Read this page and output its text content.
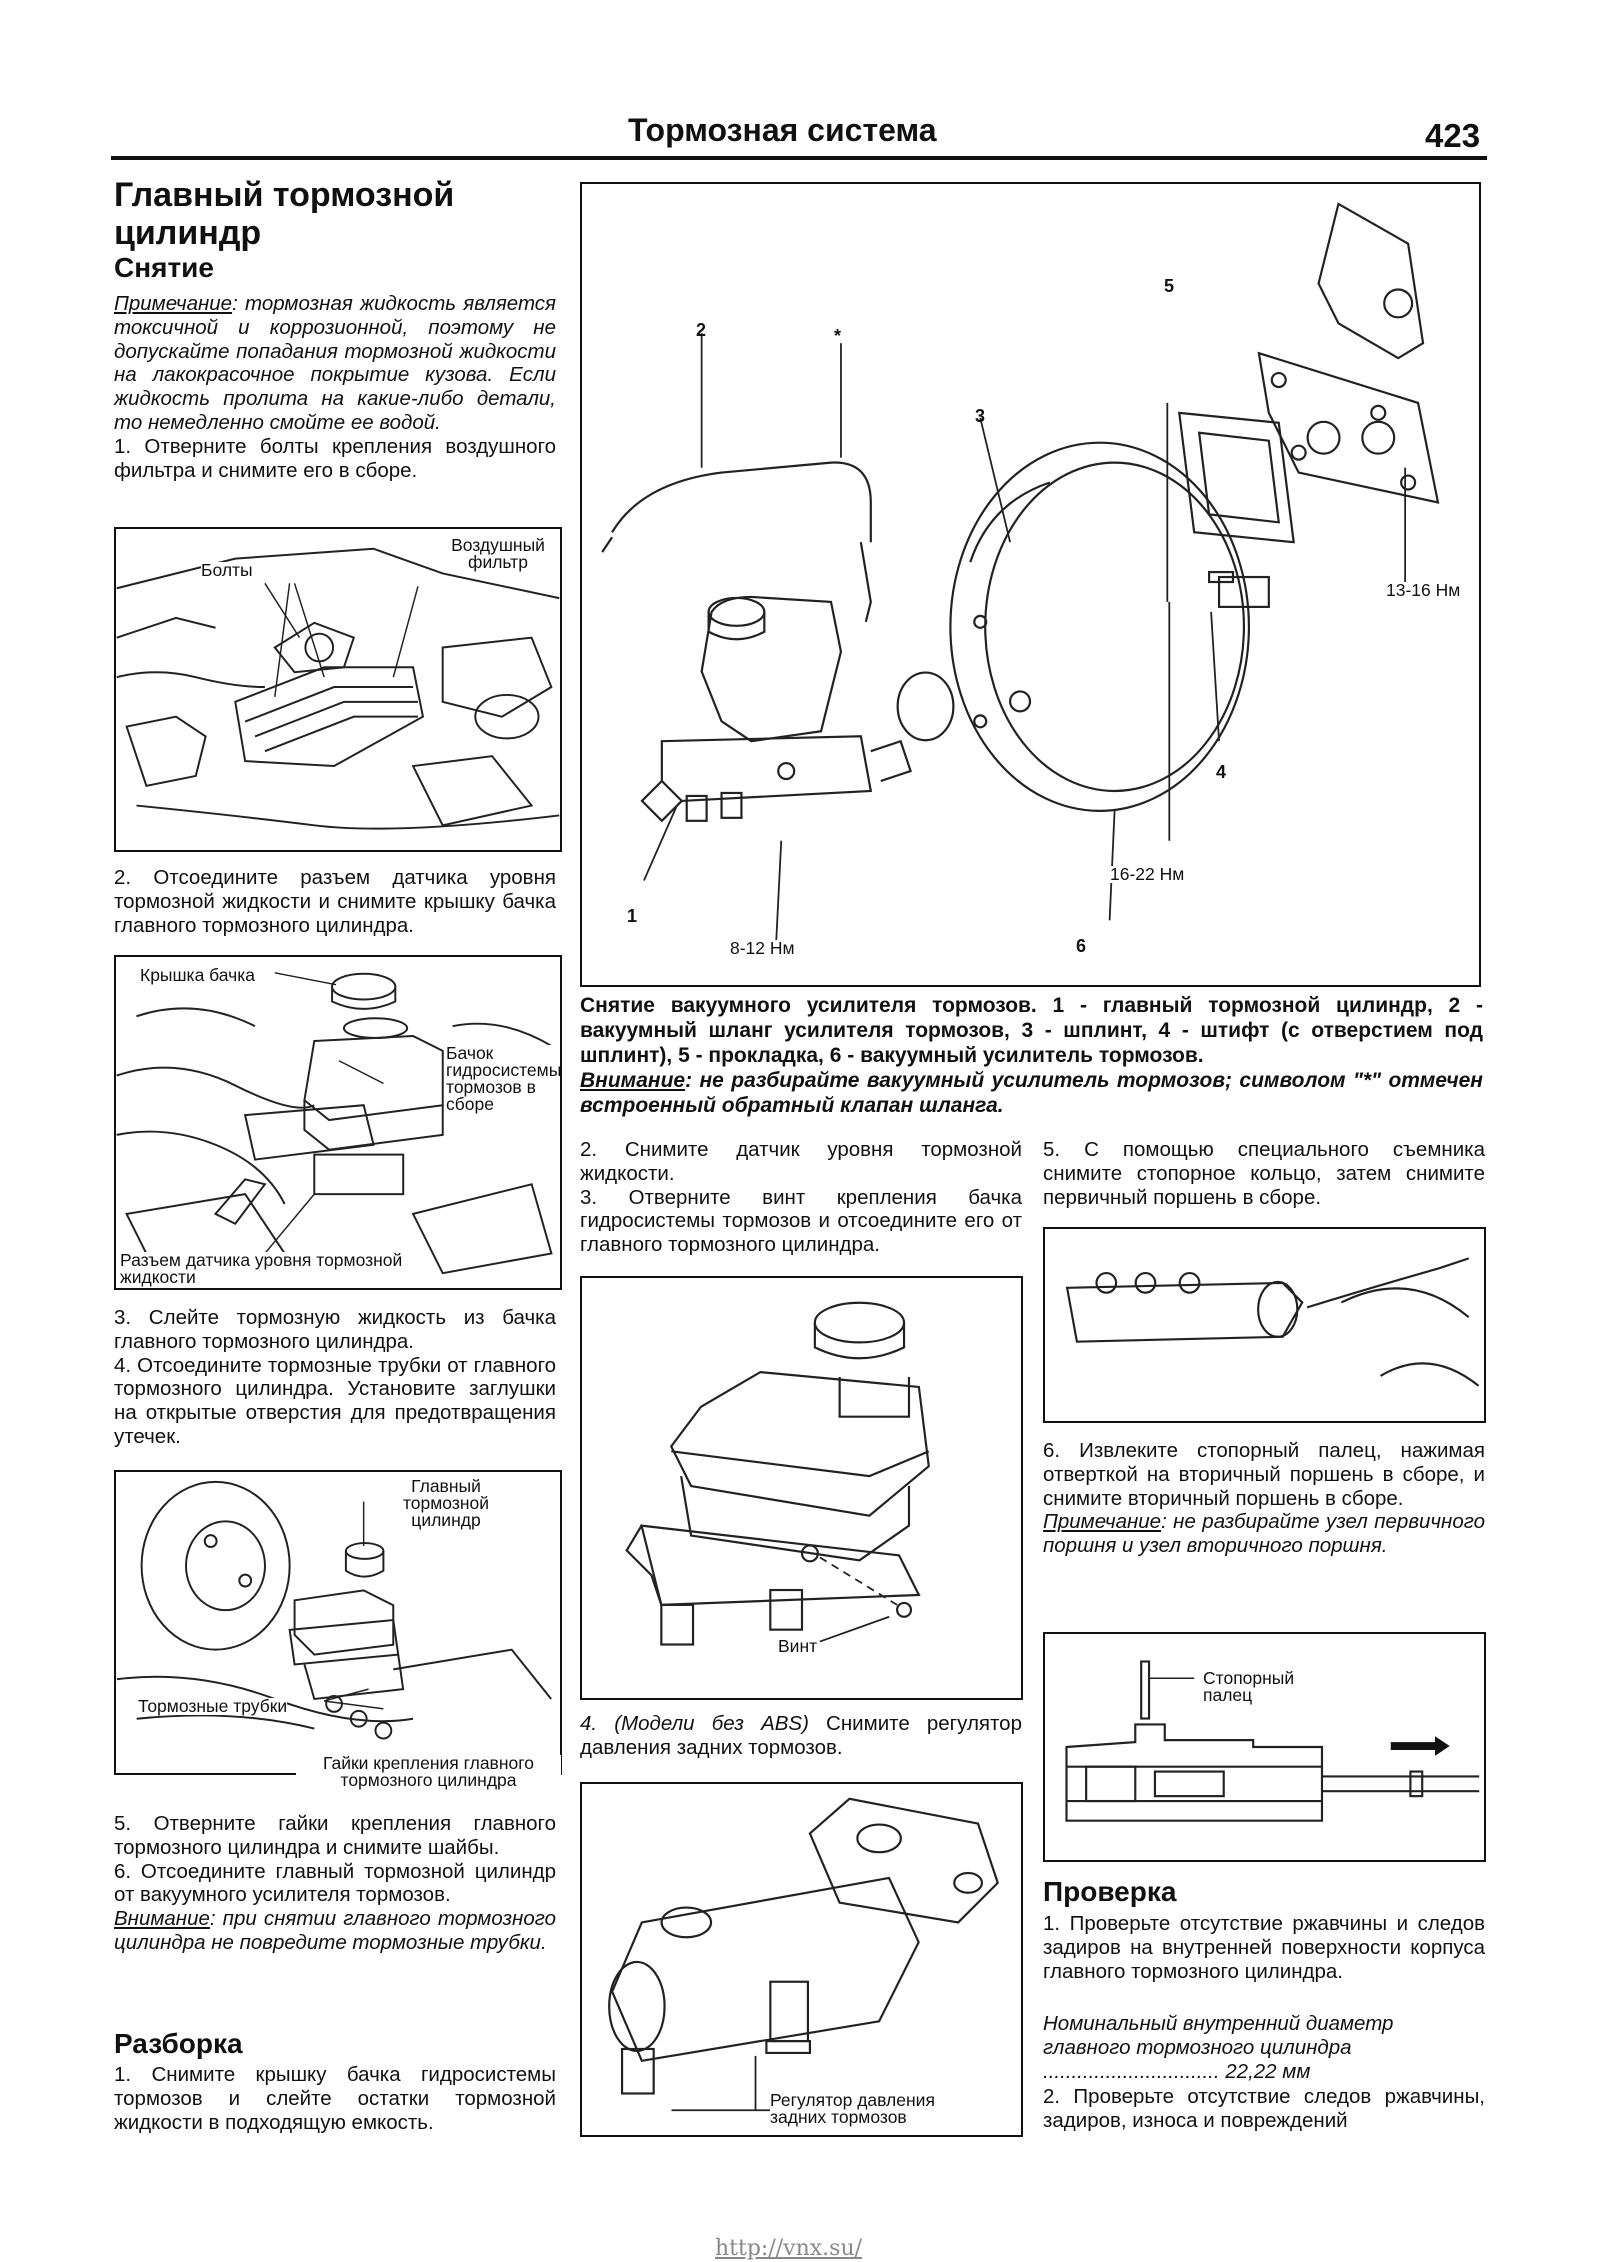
Тормозная система	423
Главный тормозной цилиндр
Снятие

Примечание: тормозная жидкость является токсичной и коррозионной, поэтому не допускайте попадания тормозной жидкости на лакокрасочное покрытие кузова. Если жидкость пролита на какие-либо детали, то немедленно смойте ее водой.

1. Отверните болты крепления воздушного фильтра и снимите его в сборе.

Болты
Воздушный фильтр
2. Отсоедините разъем датчика уровня тормозной жидкости и снимите крышку бачка главного тормозного цилиндра.
Крышка бачка
Бачок гидросистемы тормозов в сборе
Разъем датчика уровня тормозной жидкости

3. Слейте тормозную жидкость из бачка главного тормозного цилиндра.

4. Отсоедините тормозные трубки от главного тормозного цилиндра. Установите заглушки на открытые отверстия для предотвращения утечек.

Главный тормозной цилиндр
Тормозные трубки
Гайки крепления главного тормозного цилиндра

5. Отверните гайки крепления главного тормозного цилиндра и снимите шайбы.

6. Отсоедините главный тормозной цилиндр от вакуумного усилителя тормозов.

Внимание: при снятии главного тормозного цилиндра не повредите тормозные трубки.

Разборка
1. Снимите крышку бачка гидросистемы тормозов и слейте остатки тормозной жидкости в подходящую емкость.
2	*
5
3
4
1
6
13-16 Нм
16-22 Нм
8-12 Нм
Снятие вакуумного усилителя тормозов. 1 - главный тормозной цилиндр, 2 - вакуумный шланг усилителя тормозов, 3 - шплинт, 4 - штифт (с отверстием под шплинт), 5 - прокладка, 6 - вакуумный усилитель тормозов.
Внимание: не разбирайте вакуумный усилитель тормозов; символом "*" отмечен встроенный обратный клапан шланга.

2. Снимите датчик уровня тормозной жидкости.

3. Отверните винт крепления бачка гидросистемы тормозов и отсоедините его от главного тормозного цилиндра.

Винт
4. (Модели без ABS) Снимите регулятор давления задних тормозов.
Регулятор давления задних тормозов
5. С помощью специального съемника снимите стопорное кольцо, затем снимите первичный поршень в сборе.

6. Извлеките стопорный палец, нажимая отверткой на вторичный поршень в сборе, и снимите вторичный поршень в сборе.

Примечание: не разбирайте узел первичного поршня и узел вторичного поршня.

Стопорный палец
Проверка
1. Проверьте отсутствие ржавчины и следов задиров на внутренней поверхности корпуса главного тормозного цилиндра.
Номинальный внутренний диаметр главного тормозного цилиндра ............................... 22,22 мм
2. Проверьте отсутствие следов ржавчины, задиров, износа и повреждений
http://vnx.su/
